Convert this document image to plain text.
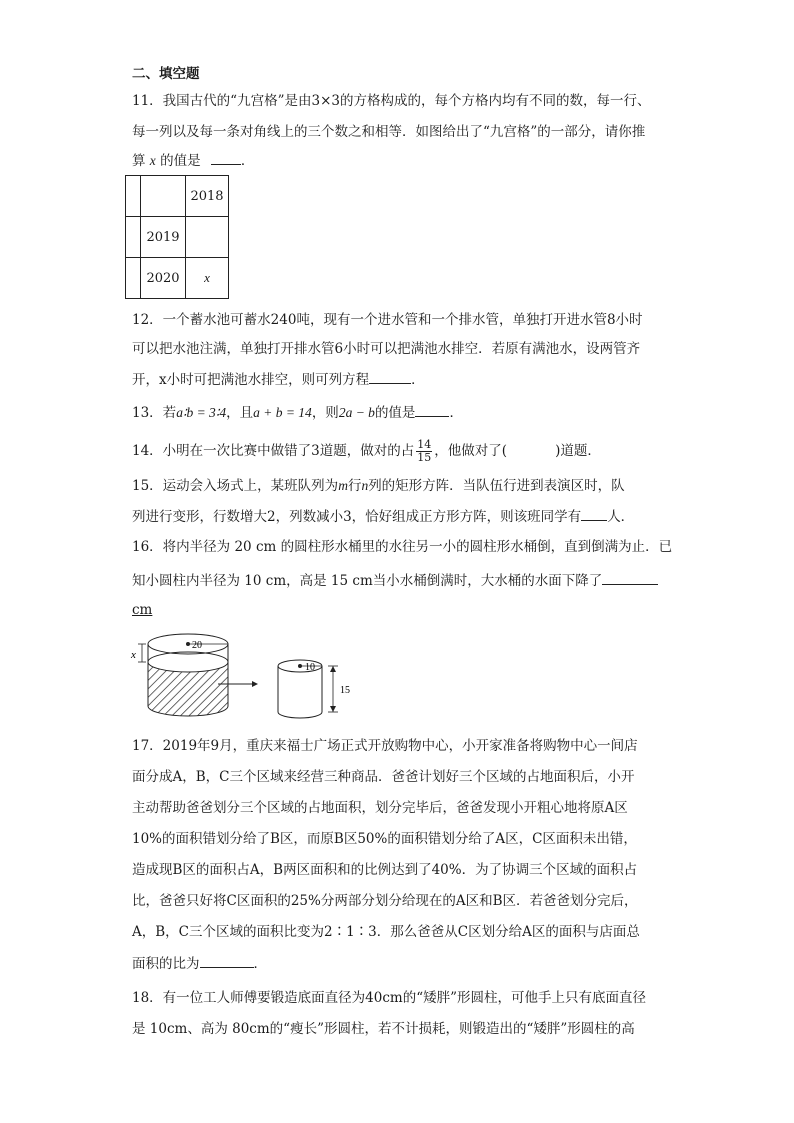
二、填空题
11．我国古代的“九宫格”是由3×3的方格构成的，每个方格内均有不同的数，每一行、
每一列以及每一条对角线上的三个数之和相等．如图给出了“九宫格”的一部分，请你推
算 x 的值是	．
		2018
	2019	
	2020	x
12．一个蓄水池可蓄水240吨，现有一个进水管和一个排水管，单独打开进水管8小时
可以把水池注满，单独打开排水管6小时可以把满池水排空．若原有满池水，设两管齐
开，x小时可把满池水排空，则可列方程	．
13．若a∶b = 3∶4，且a + b = 14，则2a − b的值是	．
14．小明在一次比赛中做错了3道题，做对的占 $\frac{14}{15}$ ，他做对了(	)道题．
15．运动会入场式上，某班队列为m行n列的矩形方阵．当队伍行进到表演区时，队
列进行变形，行数增大2，列数减小3，恰好组成正方形方阵，则该班同学有 人．
16．将内半径为 20 cm 的圆柱形水桶里的水往另一小的圆柱形水桶倒，直到倒满为止．已
知小圆柱内半径为 10 cm，高是 15 cm当小水桶倒满时，大水桶的水面下降了
cm
20
x
10
15
17．2019年9月，重庆来福士广场正式开放购物中心，小开家准备将购物中心一间店
面分成A，B，C三个区域来经营三种商品．爸爸计划好三个区域的占地面积后，小开
主动帮助爸爸划分三个区域的占地面积，划分完毕后，爸爸发现小开粗心地将原A区
10%的面积错划分给了B区，而原B区50%的面积错划分给了A区，C区面积未出错，
造成现B区的面积占A，B两区面积和的比例达到了40%．为了协调三个区域的面积占
比，爸爸只好将C区面积的25%分两部分划分给现在的A区和B区．若爸爸划分完后，
A，B，C三个区域的面积比变为2∶1∶3．那么爸爸从C区划分给A区的面积与店面总
面积的比为	．
18．有一位工人师傅要锻造底面直径为40cm的“矮胖”形圆柱，可他手上只有底面直径
是 10cm、高为 80cm的“瘦长”形圆柱，若不计损耗，则锻造出的“矮胖”形圆柱的高
